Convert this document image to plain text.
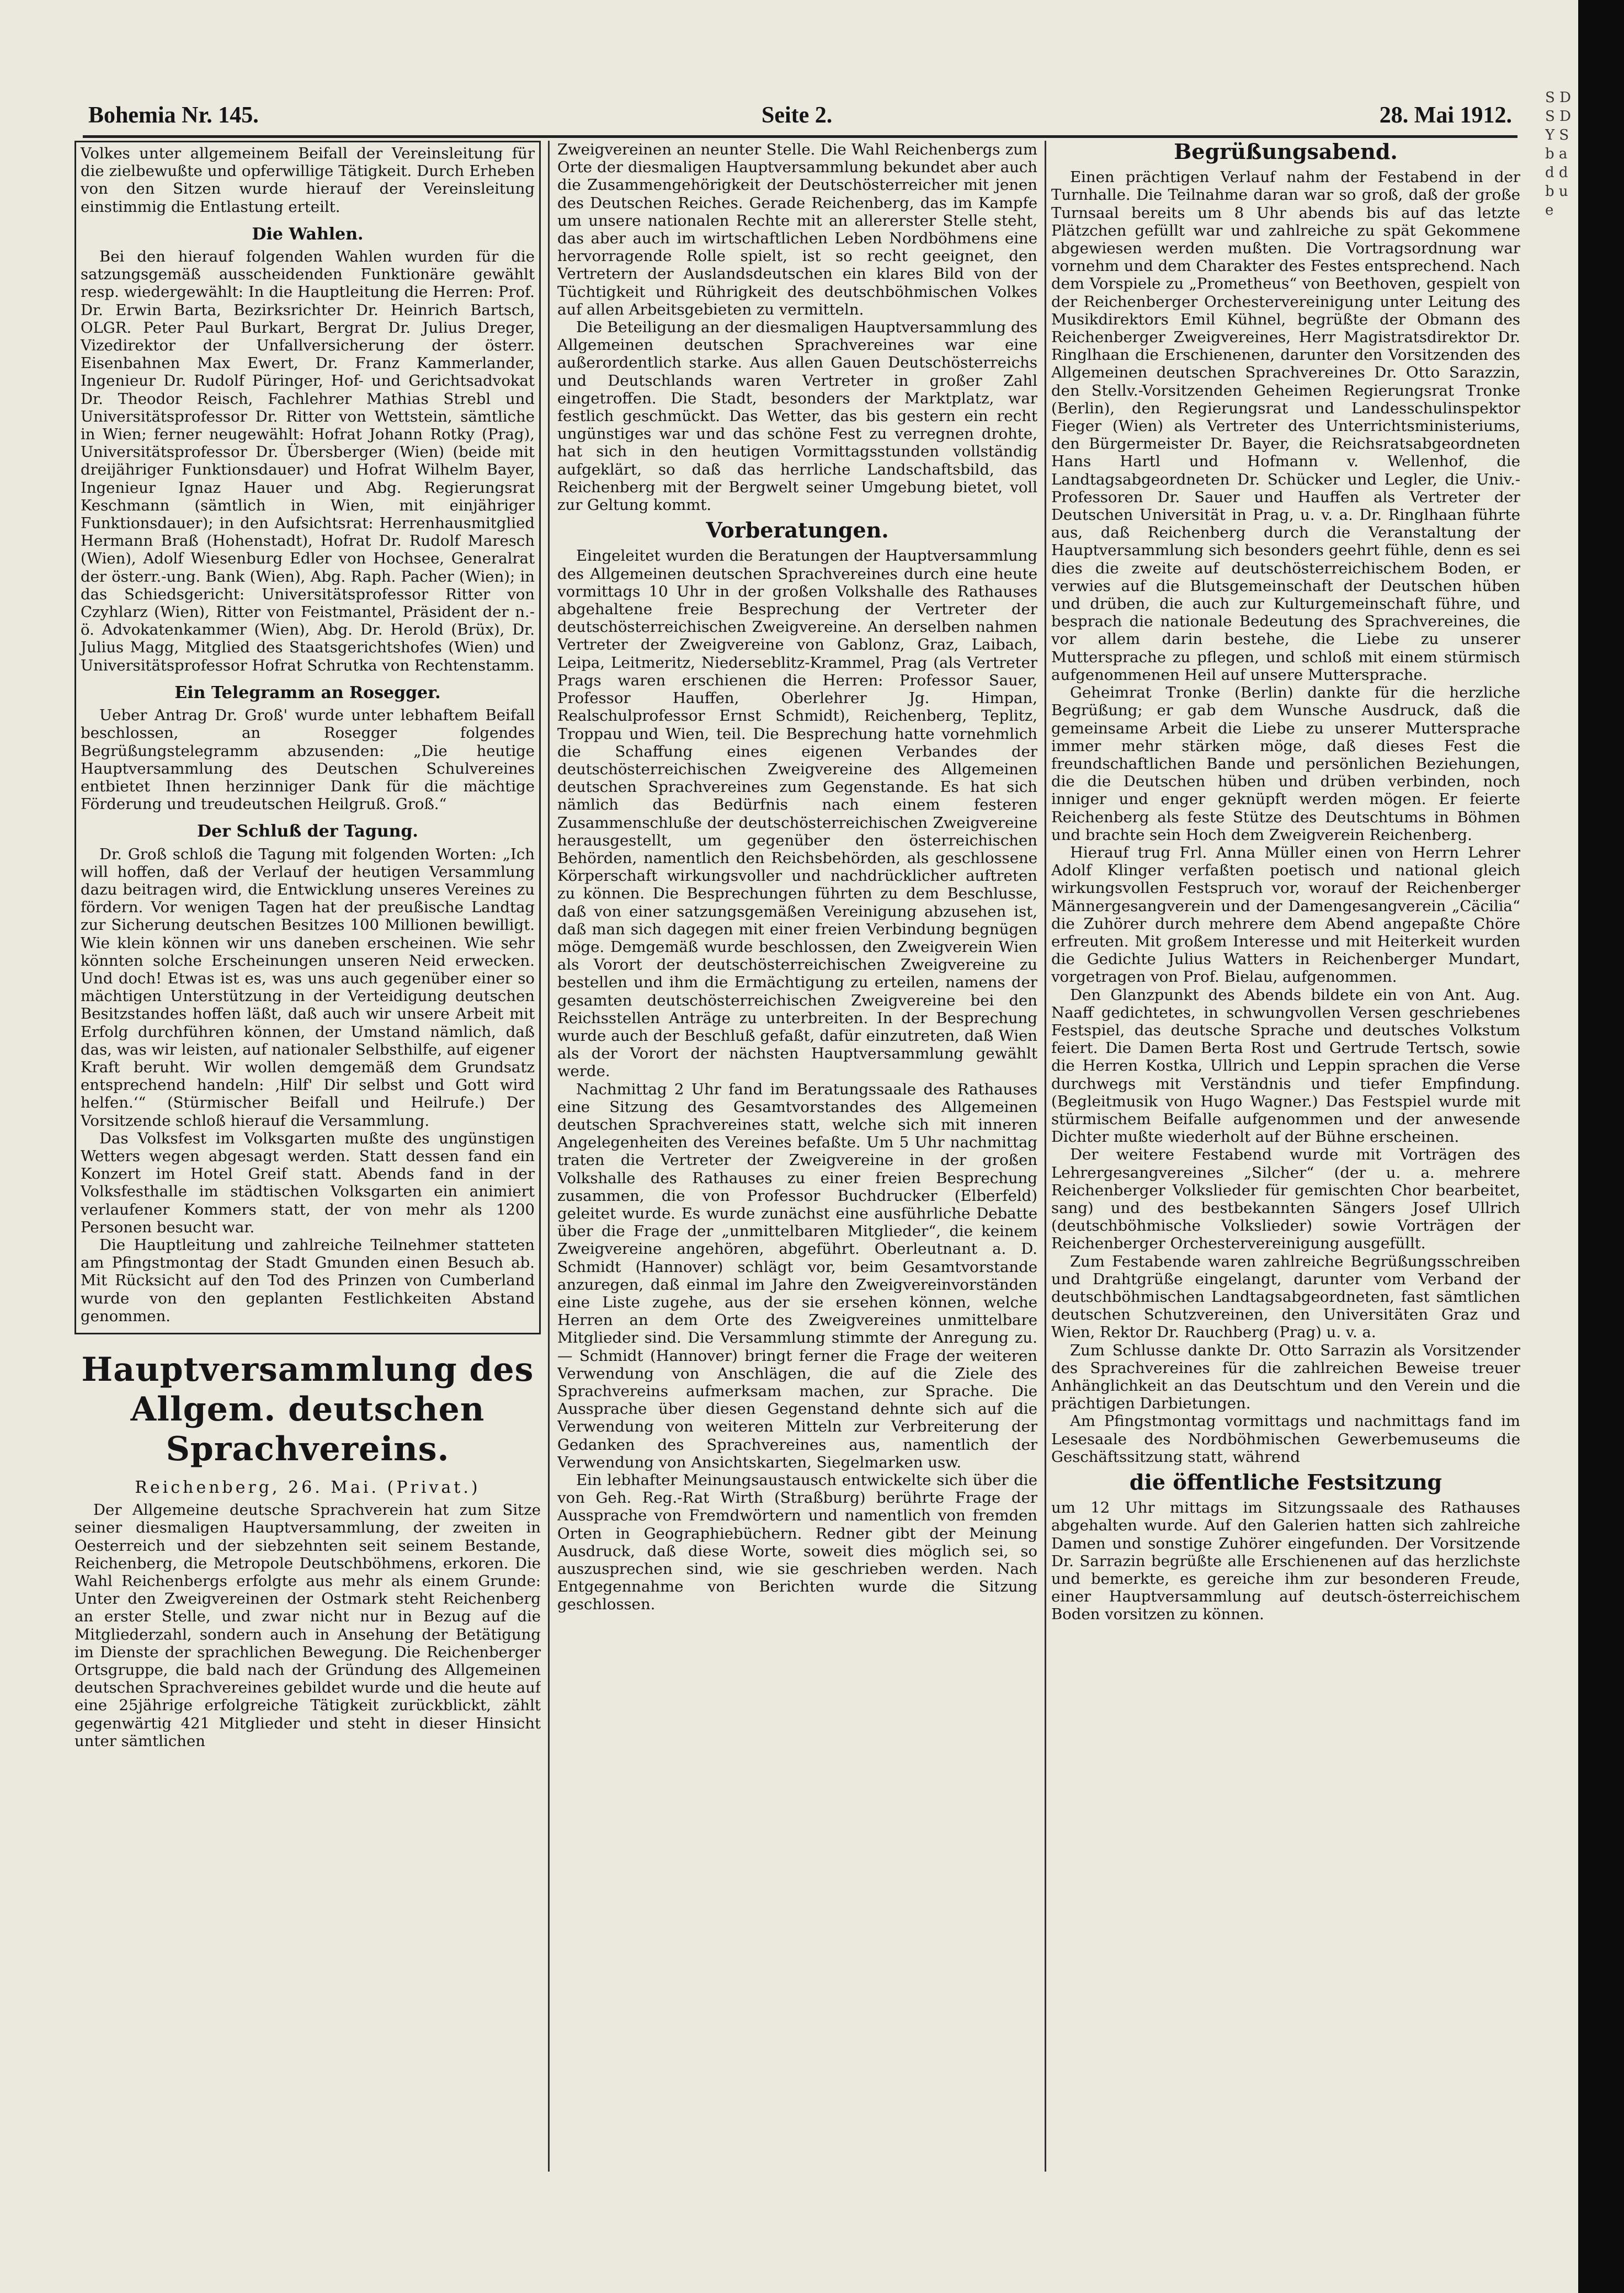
Bohemia Nr. 145.	Seite 2.	28. Mai 1912.

Volkes unter allgemeinem Beifall der Vereinsleitung für die zielbewußte und opferwillige Tätigkeit. Durch Erheben von den Sitzen wurde hierauf der Vereinsleitung einstimmig die Entlastung erteilt.

Die Wahlen.

Bei den hierauf folgenden Wahlen wurden für die satzungsgemäß ausscheidenden Funktionäre gewählt resp. wiedergewählt: In die Hauptleitung die Herren: Prof. Dr. Erwin Barta, Bezirksrichter Dr. Heinrich Bartsch, OLGR. Peter Paul Burkart, Bergrat Dr. Julius Dreger, Vizedirektor der Unfallversicherung der österr. Eisenbahnen Max Ewert, Dr. Franz Kammerlander, Ingenieur Dr. Rudolf Püringer, Hof- und Gerichtsadvokat Dr. Theodor Reisch, Fachlehrer Mathias Strebl und Universitätsprofessor Dr. Ritter von Wettstein, sämtliche in Wien; ferner neugewählt: Hofrat Johann Rotky (Prag), Universitätsprofessor Dr. Übersberger (Wien) (beide mit dreijähriger Funktionsdauer) und Hofrat Wilhelm Bayer, Ingenieur Ignaz Hauer und Abg. Regierungsrat Keschmann (sämtlich in Wien, mit einjähriger Funktionsdauer); in den Aufsichtsrat: Herrenhausmitglied Hermann Braß (Hohenstadt), Hofrat Dr. Rudolf Maresch (Wien), Adolf Wiesenburg Edler von Hochsee, Generalrat der österr.-ung. Bank (Wien), Abg. Raph. Pacher (Wien); in das Schiedsgericht: Universitätsprofessor Ritter von Czyhlarz (Wien), Ritter von Feistmantel, Präsident der n.-ö. Advokatenkammer (Wien), Abg. Dr. Herold (Brüx), Dr. Julius Magg, Mitglied des Staatsgerichtshofes (Wien) und Universitätsprofessor Hofrat Schrutka von Rechtenstamm.

Ein Telegramm an Rosegger.

Ueber Antrag Dr. Groß' wurde unter lebhaftem Beifall beschlossen, an Rosegger folgendes Begrüßungstelegramm abzusenden: „Die heutige Hauptversammlung des Deutschen Schulvereines entbietet Ihnen herzinniger Dank für die mächtige Förderung und treudeutschen Heilgruß. Groß.“

Der Schluß der Tagung.

Dr. Groß schloß die Tagung mit folgenden Worten: „Ich will hoffen, daß der Verlauf der heutigen Versammlung dazu beitragen wird, die Entwicklung unseres Vereines zu fördern. Vor wenigen Tagen hat der preußische Landtag zur Sicherung deutschen Besitzes 100 Millionen bewilligt. Wie klein können wir uns daneben erscheinen. Wie sehr könnten solche Erscheinungen unseren Neid erwecken. Und doch! Etwas ist es, was uns auch gegenüber einer so mächtigen Unterstützung in der Verteidigung deutschen Besitzstandes hoffen läßt, daß auch wir unsere Arbeit mit Erfolg durchführen können, der Umstand nämlich, daß das, was wir leisten, auf nationaler Selbsthilfe, auf eigener Kraft beruht. Wir wollen demgemäß dem Grundsatz entsprechend handeln: ‚Hilf' Dir selbst und Gott wird helfen.‘“ (Stürmischer Beifall und Heilrufe.) Der Vorsitzende schloß hierauf die Versammlung.

Das Volksfest im Volksgarten mußte des ungünstigen Wetters wegen abgesagt werden. Statt dessen fand ein Konzert im Hotel Greif statt. Abends fand in der Volksfesthalle im städtischen Volksgarten ein animiert verlaufener Kommers statt, der von mehr als 1200 Personen besucht war.

Die Hauptleitung und zahlreiche Teilnehmer statteten am Pfingstmontag der Stadt Gmunden einen Besuch ab. Mit Rücksicht auf den Tod des Prinzen von Cumberland wurde von den geplanten Festlichkeiten Abstand genommen.

Hauptversammlung des Allgem. deutschen Sprachvereins.
Reichenberg, 26. Mai. (Privat.)

Der Allgemeine deutsche Sprachverein hat zum Sitze seiner diesmaligen Hauptversammlung, der zweiten in Oesterreich und der siebzehnten seit seinem Bestande, Reichenberg, die Metropole Deutschböhmens, erkoren. Die Wahl Reichenbergs erfolgte aus mehr als einem Grunde: Unter den Zweigvereinen der Ostmark steht Reichenberg an erster Stelle, und zwar nicht nur in Bezug auf die Mitgliederzahl, sondern auch in Ansehung der Betätigung im Dienste der sprachlichen Bewegung. Die Reichenberger Ortsgruppe, die bald nach der Gründung des Allgemeinen deutschen Sprachvereines gebildet wurde und die heute auf eine 25jährige erfolgreiche Tätigkeit zurückblickt, zählt gegenwärtig 421 Mitglieder und steht in dieser Hinsicht unter sämtlichen

Zweigvereinen an neunter Stelle. Die Wahl Reichenbergs zum Orte der diesmaligen Hauptversammlung bekundet aber auch die Zusammengehörigkeit der Deutschösterreicher mit jenen des Deutschen Reiches. Gerade Reichenberg, das im Kampfe um unsere nationalen Rechte mit an allererster Stelle steht, das aber auch im wirtschaftlichen Leben Nordböhmens eine hervorragende Rolle spielt, ist so recht geeignet, den Vertretern der Auslandsdeutschen ein klares Bild von der Tüchtigkeit und Rührigkeit des deutschböhmischen Volkes auf allen Arbeitsgebieten zu vermitteln.

Die Beteiligung an der diesmaligen Hauptversammlung des Allgemeinen deutschen Sprachvereines war eine außerordentlich starke. Aus allen Gauen Deutschösterreichs und Deutschlands waren Vertreter in großer Zahl eingetroffen. Die Stadt, besonders der Marktplatz, war festlich geschmückt. Das Wetter, das bis gestern ein recht ungünstiges war und das schöne Fest zu verregnen drohte, hat sich in den heutigen Vormittagsstunden vollständig aufgeklärt, so daß das herrliche Landschaftsbild, das Reichenberg mit der Bergwelt seiner Umgebung bietet, voll zur Geltung kommt.

Vorberatungen.

Eingeleitet wurden die Beratungen der Hauptversammlung des Allgemeinen deutschen Sprachvereines durch eine heute vormittags 10 Uhr in der großen Volkshalle des Rathauses abgehaltene freie Besprechung der Vertreter der deutschösterreichischen Zweigvereine. An derselben nahmen Vertreter der Zweigvereine von Gablonz, Graz, Laibach, Leipa, Leitmeritz, Niederseblitz-Krammel, Prag (als Vertreter Prags waren erschienen die Herren: Professor Sauer, Professor Hauffen, Oberlehrer Jg. Himpan, Realschulprofessor Ernst Schmidt), Reichenberg, Teplitz, Troppau und Wien, teil. Die Besprechung hatte vornehmlich die Schaffung eines eigenen Verbandes der deutschösterreichischen Zweigvereine des Allgemeinen deutschen Sprachvereines zum Gegenstande. Es hat sich nämlich das Bedürfnis nach einem festeren Zusammenschluße der deutschösterreichischen Zweigvereine herausgestellt, um gegenüber den österreichischen Behörden, namentlich den Reichsbehörden, als geschlossene Körperschaft wirkungsvoller und nachdrücklicher auftreten zu können. Die Besprechungen führten zu dem Beschlusse, daß von einer satzungsgemäßen Vereinigung abzusehen ist, daß man sich dagegen mit einer freien Verbindung begnügen möge. Demgemäß wurde beschlossen, den Zweigverein Wien als Vorort der deutschösterreichischen Zweigvereine zu bestellen und ihm die Ermächtigung zu erteilen, namens der gesamten deutschösterreichischen Zweigvereine bei den Reichsstellen Anträge zu unterbreiten. In der Besprechung wurde auch der Beschluß gefaßt, dafür einzutreten, daß Wien als der Vorort der nächsten Hauptversammlung gewählt werde.

Nachmittag 2 Uhr fand im Beratungssaale des Rathauses eine Sitzung des Gesamtvorstandes des Allgemeinen deutschen Sprachvereines statt, welche sich mit inneren Angelegenheiten des Vereines befaßte. Um 5 Uhr nachmittag traten die Vertreter der Zweigvereine in der großen Volkshalle des Rathauses zu einer freien Besprechung zusammen, die von Professor Buchdrucker (Elberfeld) geleitet wurde. Es wurde zunächst eine ausführliche Debatte über die Frage der „unmittelbaren Mitglieder“, die keinem Zweigvereine angehören, abgeführt. Oberleutnant a. D. Schmidt (Hannover) schlägt vor, beim Gesamtvorstande anzuregen, daß einmal im Jahre den Zweigvereinvorständen eine Liste zugehe, aus der sie ersehen können, welche Herren an dem Orte des Zweigvereines unmittelbare Mitglieder sind. Die Versammlung stimmte der Anregung zu. — Schmidt (Hannover) bringt ferner die Frage der weiteren Verwendung von Anschlägen, die auf die Ziele des Sprachvereins aufmerksam machen, zur Sprache. Die Aussprache über diesen Gegenstand dehnte sich auf die Verwendung von weiteren Mitteln zur Verbreiterung der Gedanken des Sprachvereines aus, namentlich der Verwendung von Ansichtskarten, Siegelmarken usw.

Ein lebhafter Meinungsaustausch entwickelte sich über die von Geh. Reg.-Rat Wirth (Straßburg) berührte Frage der Aussprache von Fremdwörtern und namentlich von fremden Orten in Geographiebüchern. Redner gibt der Meinung Ausdruck, daß diese Worte, soweit dies möglich sei, so auszusprechen sind, wie sie geschrieben werden. Nach Entgegennahme von Berichten wurde die Sitzung geschlossen.

Begrüßungsabend.

Einen prächtigen Verlauf nahm der Festabend in der Turnhalle. Die Teilnahme daran war so groß, daß der große Turnsaal bereits um 8 Uhr abends bis auf das letzte Plätzchen gefüllt war und zahlreiche zu spät Gekommene abgewiesen werden mußten. Die Vortragsordnung war vornehm und dem Charakter des Festes entsprechend. Nach dem Vorspiele zu „Prometheus“ von Beethoven, gespielt von der Reichenberger Orchestervereinigung unter Leitung des Musikdirektors Emil Kühnel, begrüßte der Obmann des Reichenberger Zweigvereines, Herr Magistratsdirektor Dr. Ringlhaan die Erschienenen, darunter den Vorsitzenden des Allgemeinen deutschen Sprachvereines Dr. Otto Sarazzin, den Stellv.-Vorsitzenden Geheimen Regierungsrat Tronke (Berlin), den Regierungsrat und Landesschulinspektor Fieger (Wien) als Vertreter des Unterrichtsministeriums, den Bürgermeister Dr. Bayer, die Reichsratsabgeordneten Hans Hartl und Hofmann v. Wellenhof, die Landtagsabgeordneten Dr. Schücker und Legler, die Univ.-Professoren Dr. Sauer und Hauffen als Vertreter der Deutschen Universität in Prag, u. v. a. Dr. Ringlhaan führte aus, daß Reichenberg durch die Veranstaltung der Hauptversammlung sich besonders geehrt fühle, denn es sei dies die zweite auf deutschösterreichischem Boden, er verwies auf die Blutsgemeinschaft der Deutschen hüben und drüben, die auch zur Kulturgemeinschaft führe, und besprach die nationale Bedeutung des Sprachvereines, die vor allem darin bestehe, die Liebe zu unserer Muttersprache zu pflegen, und schloß mit einem stürmisch aufgenommenen Heil auf unsere Muttersprache.

Geheimrat Tronke (Berlin) dankte für die herzliche Begrüßung; er gab dem Wunsche Ausdruck, daß die gemeinsame Arbeit die Liebe zu unserer Muttersprache immer mehr stärken möge, daß dieses Fest die freundschaftlichen Bande und persönlichen Beziehungen, die die Deutschen hüben und drüben verbinden, noch inniger und enger geknüpft werden mögen. Er feierte Reichenberg als feste Stütze des Deutschtums in Böhmen und brachte sein Hoch dem Zweigverein Reichenberg.

Hierauf trug Frl. Anna Müller einen von Herrn Lehrer Adolf Klinger verfaßten poetisch und national gleich wirkungsvollen Festspruch vor, worauf der Reichenberger Männergesangverein und der Damengesangverein „Cäcilia“ die Zuhörer durch mehrere dem Abend angepaßte Chöre erfreuten. Mit großem Interesse und mit Heiterkeit wurden die Gedichte Julius Watters in Reichenberger Mundart, vorgetragen von Prof. Bielau, aufgenommen.

Den Glanzpunkt des Abends bildete ein von Ant. Aug. Naaff gedichtetes, in schwungvollen Versen geschriebenes Festspiel, das deutsche Sprache und deutsches Volkstum feiert. Die Damen Berta Rost und Gertrude Tertsch, sowie die Herren Kostka, Ullrich und Leppin sprachen die Verse durchwegs mit Verständnis und tiefer Empfindung. (Begleitmusik von Hugo Wagner.) Das Festspiel wurde mit stürmischem Beifalle aufgenommen und der anwesende Dichter mußte wiederholt auf der Bühne erscheinen.

Der weitere Festabend wurde mit Vorträgen des Lehrergesangvereines „Silcher“ (der u. a. mehrere Reichenberger Volkslieder für gemischten Chor bearbeitet, sang) und des bestbekannten Sängers Josef Ullrich (deutschböhmische Volkslieder) sowie Vorträgen der Reichenberger Orchestervereinigung ausgefüllt.

Zum Festabende waren zahlreiche Begrüßungsschreiben und Drahtgrüße eingelangt, darunter vom Verband der deutschböhmischen Landtagsabgeordneten, fast sämtlichen deutschen Schutzvereinen, den Universitäten Graz und Wien, Rektor Dr. Rauchberg (Prag) u. v. a.

Zum Schlusse dankte Dr. Otto Sarrazin als Vorsitzender des Sprachvereines für die zahlreichen Beweise treuer Anhänglichkeit an das Deutschtum und den Verein und die prächtigen Darbietungen.

Am Pfingstmontag vormittags und nachmittags fand im Lesesaale des Nordböhmischen Gewerbemuseums die Geschäftssitzung statt, während

die öffentliche Festsitzung

um 12 Uhr mittags im Sitzungssaale des Rathauses abgehalten wurde. Auf den Galerien hatten sich zahlreiche Damen und sonstige Zuhörer eingefunden. Der Vorsitzende Dr. Sarrazin begrüßte alle Erschienenen auf das herzlichste und bemerkte, es gereiche ihm zur besonderen Freude, einer Hauptversammlung auf deutsch-österreichischem Boden vorsitzen zu können.

S D S D Y S b a d d b u e
